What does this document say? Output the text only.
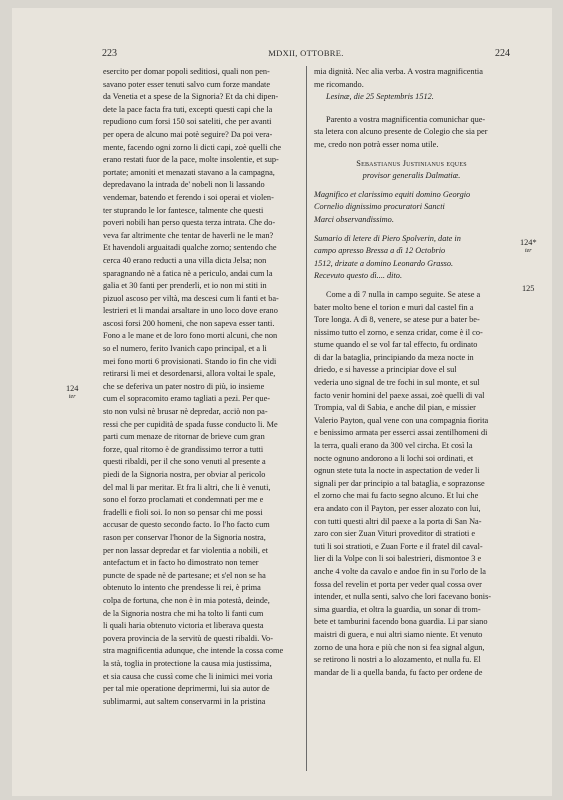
223	MDXII, OTTOBRE.	224
esercito per domar popoli seditiosi, quali non pen-
savano poter esser tenuti salvo cum forze mandate
da Venetia et a spese de la Signoria? Et da chi dipen-
dete la pace facta fra tuti, excepti questi capi che la
repudiono cum forsi 150 soi sateliti, che per avanti
per opera de alcuno mai potè seguire? Da poi vera-
mente, facendo ogni zorno li dicti capi, zoè quelli che
erano restati fuor de la pace, molte insolentie, et sup-
portate; amoniti et menazati stavano a la campagna,
depredavano la intrada de' nobeli non li lassando
vendemar, batendo et ferendo i soi operai et violen-
ter stuprando le lor fantesce, talmente che questi
poveri nobili han perso questa terza intrata. Che do-
veva far altrimente che tentar de haverli ne le man?
Et havendoli arguaitadi qualche zorno; sentendo che
cerca 40 erano reducti a una villa dicta Jelsa; non
sparagnando nè a fatica nè a periculo, andai cum la
galia et 30 fanti per prenderli, et io non mi stiti in
pizuol ascoso per viltà, ma descesi cum li fanti et ba-
lestrieri et li mandai arsaltare in uno loco dove erano
ascosi forsi 200 homeni, che non sapeva esser tanti.
Fono a le mane et de loro fono morti alcuni, che non
so el numero, ferito Ivanich capo principal, et a li
mei fono morti 6 provisionati. Stando io fin che vidi
retirarsi li mei et desordenarsi, allora voltai le spale,
che se deferiva un pater nostro di più, io insieme
cum el sopracomito eramo tagliati a pezi. Per que-
sto non vulsi nè brusar nè depredar, acciò non pa-
ressi che per cupidità de spada fusse conducto li. Me
parti cum menaze de ritornar de brieve cum gran
forze, qual ritorno è de grandissimo terror a tutti
questi ribaldi, per il che sono venuti al presente a
piedi de la Signoria nostra, per obviar al pericolo
del mal li par meritar. Et fra li altri, che li è venuti,
sono el forzo proclamati et condemnati per me e
fradelli e fioli soi. Io non so pensar chi me possi
accusar de questo secondo facto. Io l'ho facto cum
rason per conservar l'honor de la Signoria nostra,
per non lassar depredar et far violentia a nobili, et
antefactum et in facto ho dimostrato non temer
puncte de spade nè de partesane; et s'el non se ha
obtenuto lo intento che prendesse li rei, è prima
colpa de fortuna, che non è in mia potestà, deinde,
de la Signoria nostra che mi ha tolto li fanti cum
li quali haria obtenuto victoria et liberava questa
povera provincia de la servitù de questi ribaldi. Vo-
stra magnificentia adunque, che intende la cossa come
la stà, toglia in protectione la causa mia justissima,
et sia causa che cussì come che li inimici mei voria
per tal mie operatione deprimermi, lui sia autor de
sublimarmi, aut saltem conservarmi in la pristina
mia dignità. Nec alia verba. A vostra magnificentia
me ricomando.

Lesinæ, die 25 Septembris 1512.

Parento a vostra magnificentia comunichar que-
sta letera con alcuno presente de Colegio che sia per
me, credo non potrà esser noma utile.

Sebastianus Justinianus eques

provisor generalis Dalmatiæ.

Magnifico et clarissimo equiti domino Georgio
Cornelio dignissimo procuratori Sancti
Marci observandissimo.
Sumario di letere di Piero Spolverin, date in
campo apresso Bressa a dì 12 Octobrio
1512, drizate a domino Leonardo Grasso.
Recevuto questo dì.... dito.
Come a dì 7 nulla in campo seguite. Se atese a
bater molto bene el torion e muri dal castel fin a
Tore longa. A dì 8, venere, se atese pur a bater be-
nissimo tutto el zorno, e senza cridar, come è il co-
stume quando el se vol far tal effecto, fu ordinato
di dar la bataglia, principiando da meza nocte in
driedo, e si havesse a principiar dove el sul
vederia uno signal de tre fochi in sul monte, et sul
facto venir homini del paexe assai, zoè quelli di val
Trompia, val di Sabia, e anche dil pian, e missier
Valerio Payton, qual vene con una compagnia fiorita
e benissimo armata per esserci assai zentilhomeni di
la terra, quali erano da 300 vel circha. Et così la
nocte ognuno andorono a li lochi soi ordinati, et
ognun stete tuta la nocte in aspectation de veder li
signali per dar principio a tal bataglia, e soprazonse
el zorno che mai fu facto segno alcuno. Et lui che
era andato con il Payton, per esser alozato con lui,
con tutti questi altri dil paexe a la porta di San Na-
zaro con sier Zuan Vituri proveditor di stratioti e
tuti li soi stratioti, e Zuan Forte e il fratel dil caval-
lier di la Volpe con li soi balestrieri, dismontoe 3 e
anche 4 volte da cavalo e andoe fin in su l'orlo de la
fossa del revelin et porta per veder qual cossa over
intender, et nulla senti, salvo che lori facevano bonis-
sima guardia, et oltra la guardia, un sonar di trom-
bete et tamburini facendo bona guardia. Li par siano
maistri di guera, e nui altri siamo niente. Et venuto
zorno de una hora e più che non si fea signal algun,
se retirono li nostri a lo alozamento, et nulla fu. El
mandar de li a quella banda, fu facto per ordene de
124
ter
124*
ter
125
